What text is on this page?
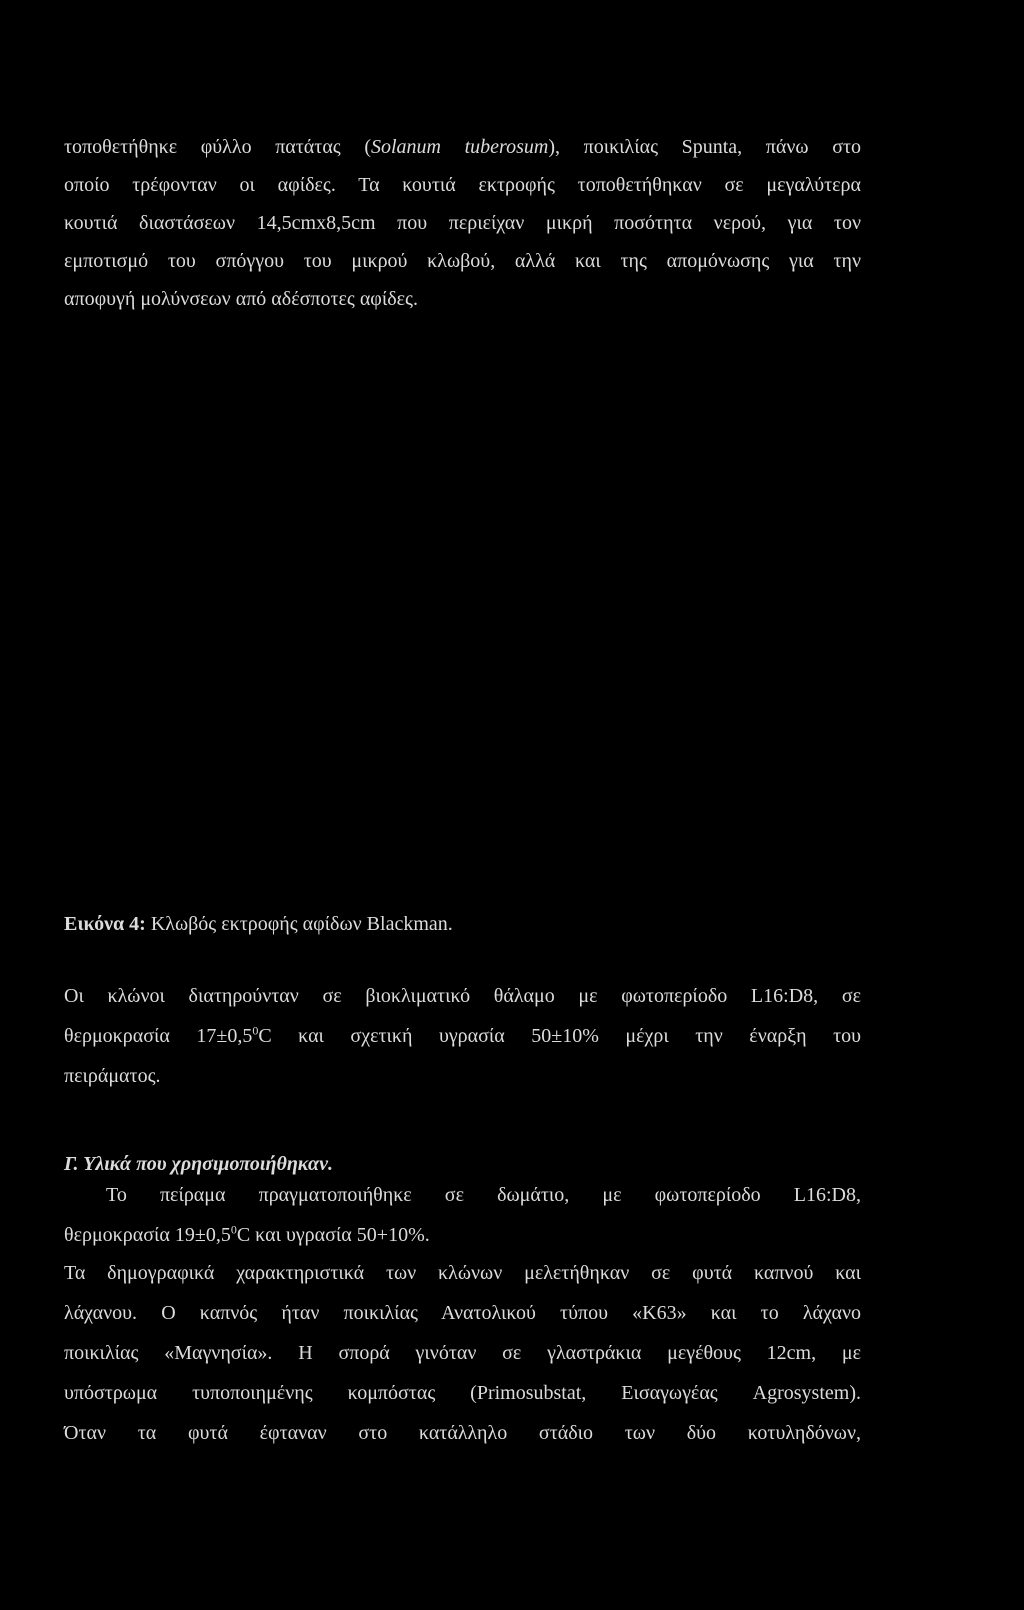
τοποθετήθηκε φύλλο πατάτας (Solanum tuberosum), ποικιλίας Spunta, πάνω στο
οποίο τρέφονταν οι αφίδες. Τα κουτιά εκτροφής τοποθετήθηκαν σε μεγαλύτερα
κουτιά διαστάσεων 14,5cmx8,5cm που περιείχαν μικρή ποσότητα νερού, για τον
εμποτισμό του σπόγγου του μικρού κλωβού, αλλά και της απομόνωσης για την
αποφυγή μολύνσεων από αδέσποτες αφίδες.
Εικόνα 4: Κλωβός εκτροφής αφίδων Blackman.
Οι κλώνοι διατηρούνταν σε βιοκλιματικό θάλαμο με φωτοπερίοδο L16:D8, σε
θερμοκρασία $17\pm 0,5^0C$ και σχετική υγρασία 50±10% μέχρι την έναρξη του
πειράματος.
Γ. Υλικά που χρησιμοποιήθηκαν.
Το πείραμα πραγματοποιήθηκε σε δωμάτιο, με φωτοπερίοδο L16:D8,
θερμοκρασία $19\pm 0,5^0C$ και υγρασία 50+10%.
Τα δημογραφικά χαρακτηριστικά των κλώνων μελετήθηκαν σε φυτά καπνού και
λάχανου. Ο καπνός ήταν ποικιλίας Ανατολικού τύπου «K63» και το λάχανο
ποικιλίας «Μαγνησία». Η σπορά γινόταν σε γλαστράκια μεγέθους 12cm, με
υπόστρωμα τυποποιημένης κομπόστας (Primosubstat, Εισαγωγέας Agrosystem).
Όταν τα φυτά έφταναν στο κατάλληλο στάδιο των δύο κοτυληδόνων,
